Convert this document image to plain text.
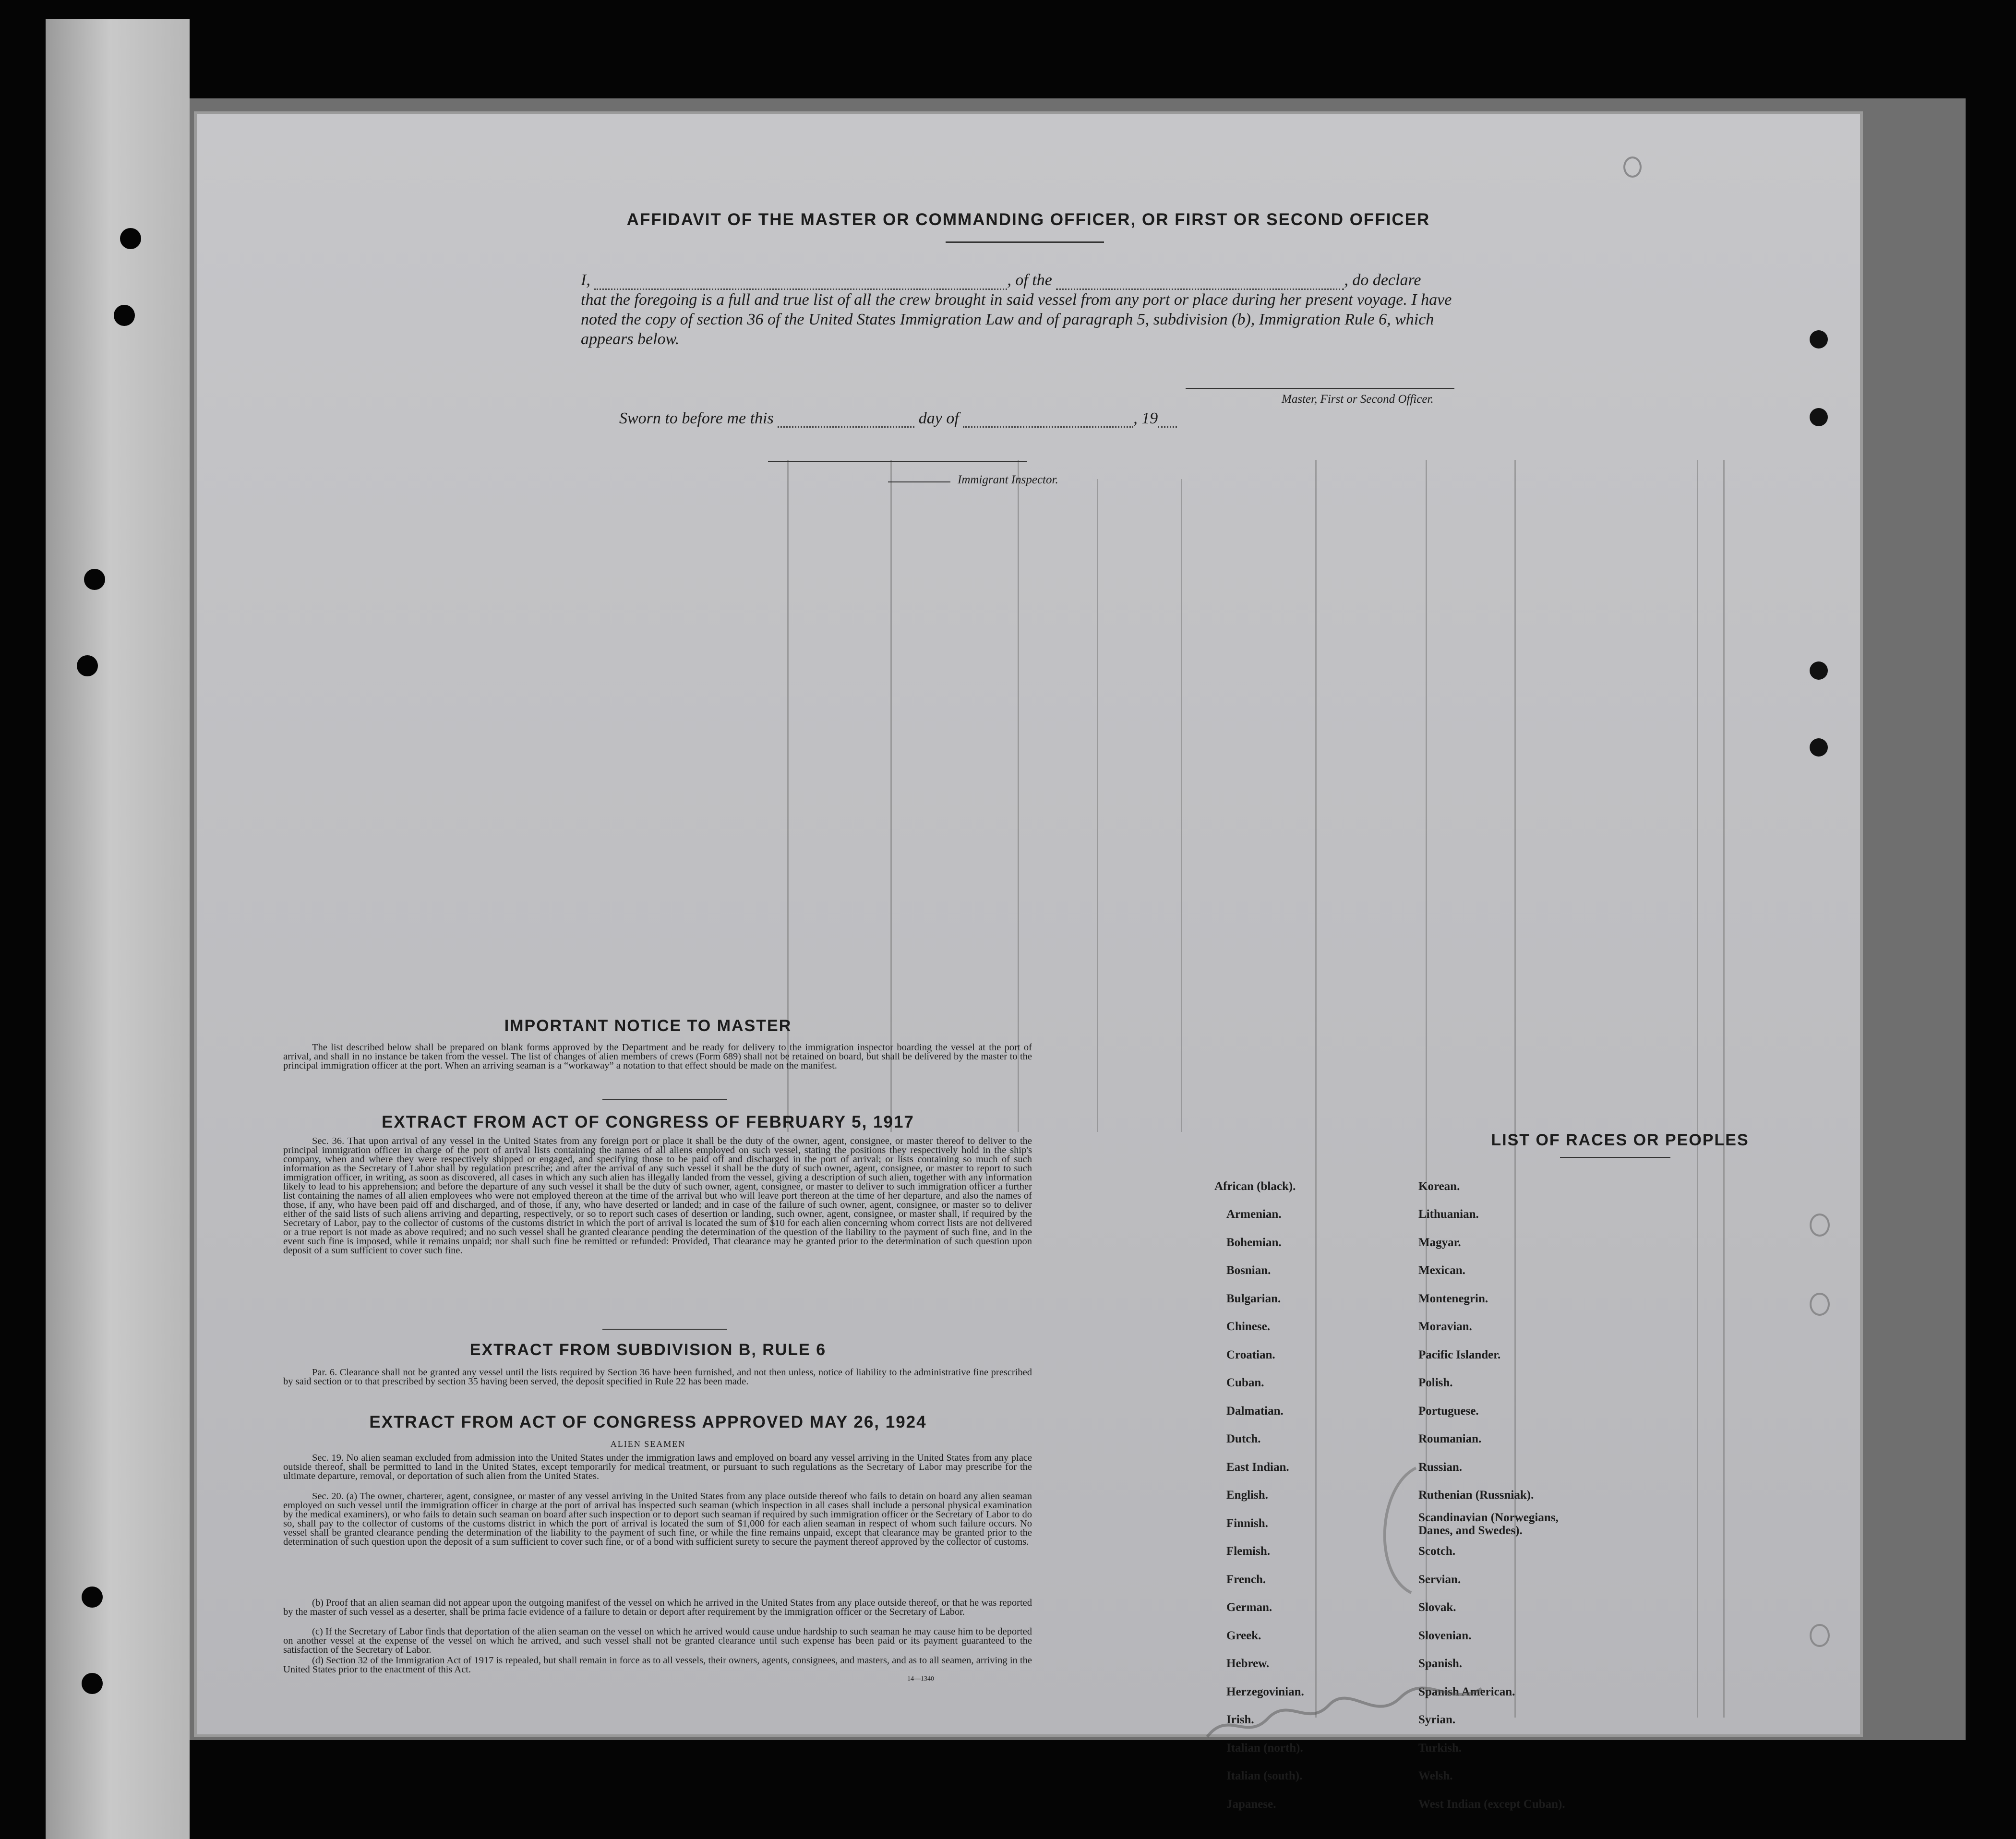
AFFIDAVIT OF THE MASTER OR COMMANDING OFFICER, OR FIRST OR SECOND OFFICER
I,	, of the	, do declare
that the foregoing is a full and true list of all the crew brought in said vessel from any port or place during her present voyage. I have noted the copy of section 36 of the United States Immigration Law and of paragraph 5, subdivision (b), Immigration Rule 6, which appears below.
Master, First or Second Officer.
Sworn to before me this	day of	, 19
Immigrant Inspector.
IMPORTANT NOTICE TO MASTER
The list described below shall be prepared on blank forms approved by the Department and be ready for delivery to the immigration inspector boarding the vessel at the port of arrival, and shall in no instance be taken from the vessel. The list of changes of alien members of crews (Form 689) shall not be retained on board, but shall be delivered by the master to the principal immigration officer at the port. When an arriving seaman is a “workaway” a notation to that effect should be made on the manifest.
EXTRACT FROM ACT OF CONGRESS OF FEBRUARY 5, 1917
Sec. 36. That upon arrival of any vessel in the United States from any foreign port or place it shall be the duty of the owner, agent, consignee, or master thereof to deliver to the principal immigration officer in charge of the port of arrival lists containing the names of all aliens employed on such vessel, stating the positions they respectively hold in the ship's company, when and where they were respectively shipped or engaged, and specifying those to be paid off and discharged in the port of arrival; or lists containing so much of such information as the Secretary of Labor shall by regulation prescribe; and after the arrival of any such vessel it shall be the duty of such owner, agent, consignee, or master to report to such immigration officer, in writing, as soon as discovered, all cases in which any such alien has illegally landed from the vessel, giving a description of such alien, together with any information likely to lead to his apprehension; and before the departure of any such vessel it shall be the duty of such owner, agent, consignee, or master to deliver to such immigration officer a further list containing the names of all alien employees who were not employed thereon at the time of the arrival but who will leave port thereon at the time of her departure, and also the names of those, if any, who have been paid off and discharged, and of those, if any, who have deserted or landed; and in case of the failure of such owner, agent, consignee, or master so to deliver either of the said lists of such aliens arriving and departing, respectively, or so to report such cases of desertion or landing, such owner, agent, consignee, or master shall, if required by the Secretary of Labor, pay to the collector of customs of the customs district in which the port of arrival is located the sum of $10 for each alien concerning whom correct lists are not delivered or a true report is not made as above required; and no such vessel shall be granted clearance pending the determination of the question of the liability to the payment of such fine, and in the event such fine is imposed, while it remains unpaid; nor shall such fine be remitted or refunded: Provided, That clearance may be granted prior to the determination of such question upon deposit of a sum sufficient to cover such fine.
EXTRACT FROM SUBDIVISION B, RULE 6
Par. 6. Clearance shall not be granted any vessel until the lists required by Section 36 have been furnished, and not then unless, notice of liability to the administrative fine prescribed by said section or to that prescribed by section 35 having been served, the deposit specified in Rule 22 has been made.
EXTRACT FROM ACT OF CONGRESS APPROVED MAY 26, 1924
ALIEN SEAMEN
Sec. 19. No alien seaman excluded from admission into the United States under the immigration laws and employed on board any vessel arriving in the United States from any place outside thereof, shall be permitted to land in the United States, except temporarily for medical treatment, or pursuant to such regulations as the Secretary of Labor may prescribe for the ultimate departure, removal, or deportation of such alien from the United States.
Sec. 20. (a) The owner, charterer, agent, consignee, or master of any vessel arriving in the United States from any place outside thereof who fails to detain on board any alien seaman employed on such vessel until the immigration officer in charge at the port of arrival has inspected such seaman (which inspection in all cases shall include a personal physical examination by the medical examiners), or who fails to detain such seaman on board after such inspection or to deport such seaman if required by such immigration officer or the Secretary of Labor to do so, shall pay to the collector of customs of the customs district in which the port of arrival is located the sum of $1,000 for each alien seaman in respect of whom such failure occurs. No vessel shall be granted clearance pending the determination of the liability to the payment of such fine, or while the fine remains unpaid, except that clearance may be granted prior to the determination of such question upon the deposit of a sum sufficient to cover such fine, or of a bond with sufficient surety to secure the payment thereof approved by the collector of customs.
(b) Proof that an alien seaman did not appear upon the outgoing manifest of the vessel on which he arrived in the United States from any place outside thereof, or that he was reported by the master of such vessel as a deserter, shall be prima facie evidence of a failure to detain or deport after requirement by the immigration officer or the Secretary of Labor.
(c) If the Secretary of Labor finds that deportation of the alien seaman on the vessel on which he arrived would cause undue hardship to such seaman he may cause him to be deported on another vessel at the expense of the vessel on which he arrived, and such vessel shall not be granted clearance until such expense has been paid or its payment guaranteed to the satisfaction of the Secretary of Labor.
(d) Section 32 of the Immigration Act of 1917 is repealed, but shall remain in force as to all vessels, their owners, agents, consignees, and masters, and as to all seamen, arriving in the United States prior to the enactment of this Act.
14—1340
LIST OF RACES OR PEOPLES
African (black).
Armenian.
Bohemian.
Bosnian.
Bulgarian.
Chinese.
Croatian.
Cuban.
Dalmatian.
Dutch.
East Indian.
English.
Finnish.
Flemish.
French.
German.
Greek.
Hebrew.
Herzegovinian.
Irish.
Italian (north).
Italian (south).
Japanese.
Korean.
Lithuanian.
Magyar.
Mexican.
Montenegrin.
Moravian.
Pacific Islander.
Polish.
Portuguese.
Roumanian.
Russian.
Ruthenian (Russniak).
Scandinavian (Norwegians, Danes, and Swedes).
Scotch.
Servian.
Slovak.
Slovenian.
Spanish.
Spanish American.
Syrian.
Turkish.
Welsh.
West Indian (except Cuban).
